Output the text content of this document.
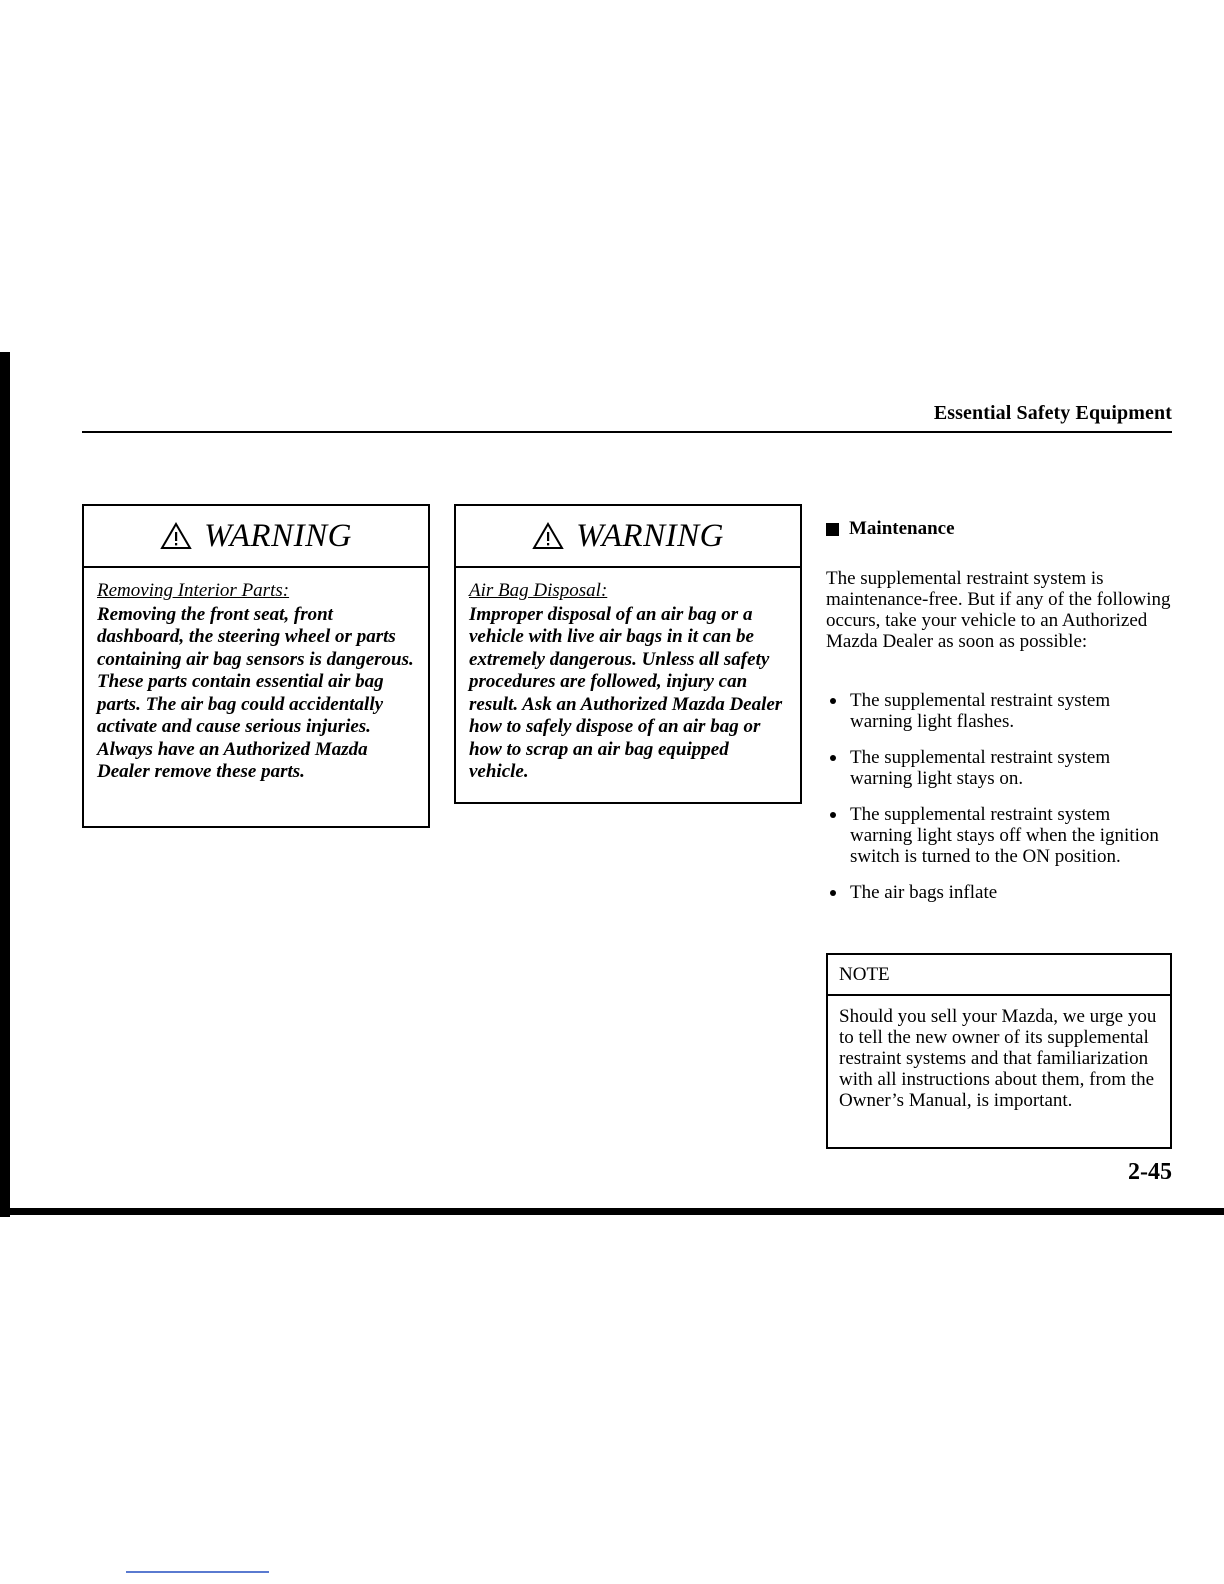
Essential Safety Equipment
WARNING
Removing Interior Parts:
Removing the front seat, front dashboard, the steering wheel or parts containing air bag sensors is dangerous. These parts contain essential air bag parts. The air bag could accidentally activate and cause serious injuries. Always have an Authorized Mazda Dealer remove these parts.
WARNING
Air Bag Disposal:
Improper disposal of an air bag or a vehicle with live air bags in it can be extremely dangerous. Unless all safety procedures are followed, injury can result. Ask an Authorized Mazda Dealer how to safely dispose of an air bag or how to scrap an air bag equipped vehicle.
Maintenance
The supplemental restraint system is maintenance-free. But if any of the following occurs, take your vehicle to an Authorized Mazda Dealer as soon as possible:
The supplemental restraint system warning light flashes.
The supplemental restraint system warning light stays on.
The supplemental restraint system warning light stays off when the ignition switch is turned to the ON position.
The air bags inflate
NOTE
Should you sell your Mazda, we urge you to tell the new owner of its supplemental restraint systems and that familiarization with all instructions about them, from the Owner’s Manual, is important.
2-45
